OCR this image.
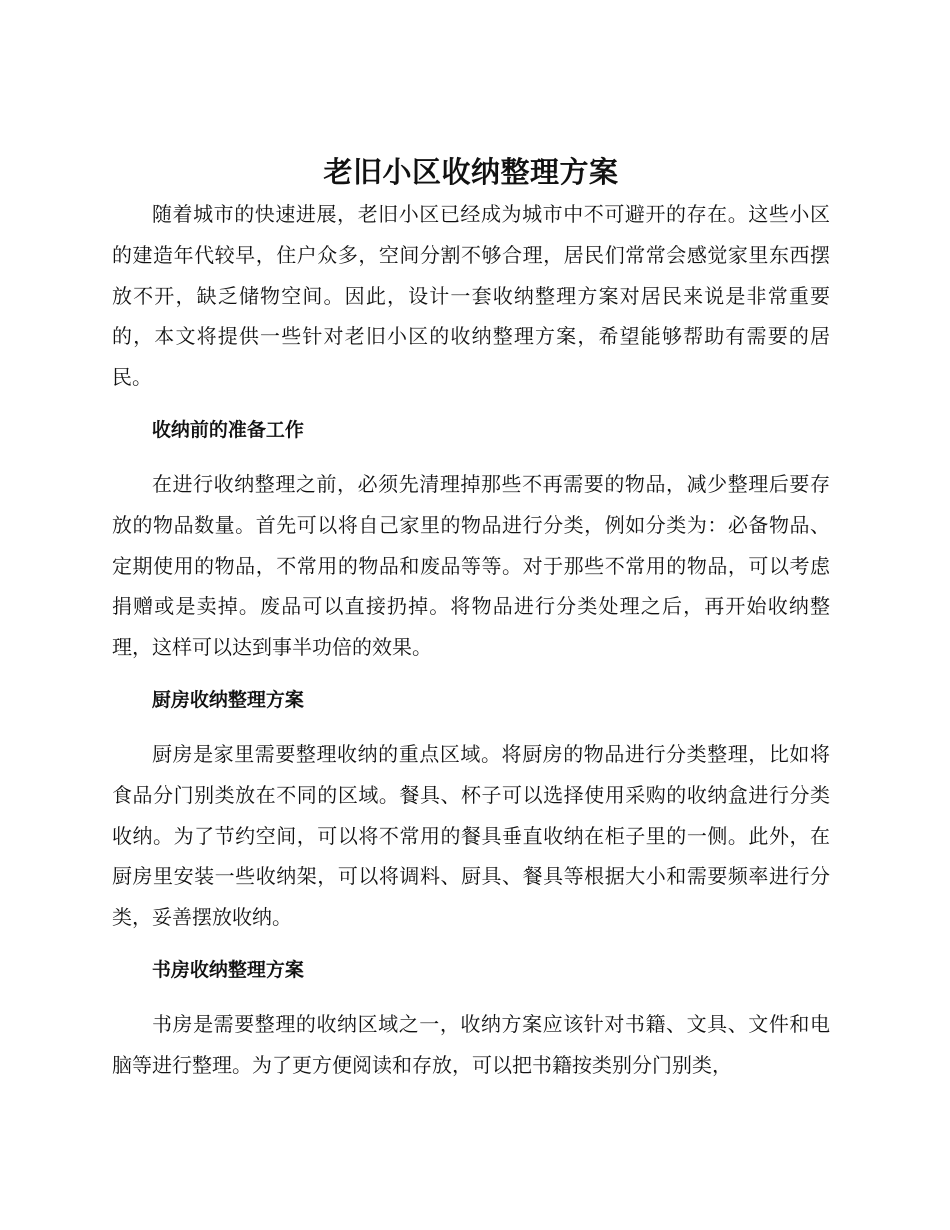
老旧小区收纳整理方案

随着城市的快速进展，老旧小区已经成为城市中不可避开的存在。这些小区的建造年代较早，住户众多，空间分割不够合理，居民们常常会感觉家里东西摆放不开，缺乏储物空间。因此，设计一套收纳整理方案对居民来说是非常重要的，本文将提供一些针对老旧小区的收纳整理方案，希望能够帮助有需要的居民。

收纳前的准备工作

在进行收纳整理之前，必须先清理掉那些不再需要的物品，减少整理后要存放的物品数量。首先可以将自己家里的物品进行分类，例如分类为：必备物品、定期使用的物品，不常用的物品和废品等等。对于那些不常用的物品，可以考虑捐赠或是卖掉。废品可以直接扔掉。将物品进行分类处理之后，再开始收纳整理，这样可以达到事半功倍的效果。

厨房收纳整理方案

厨房是家里需要整理收纳的重点区域。将厨房的物品进行分类整理，比如将食品分门别类放在不同的区域。餐具、杯子可以选择使用采购的收纳盒进行分类收纳。为了节约空间，可以将不常用的餐具垂直收纳在柜子里的一侧。此外，在厨房里安装一些收纳架，可以将调料、厨具、餐具等根据大小和需要频率进行分类，妥善摆放收纳。

书房收纳整理方案

书房是需要整理的收纳区域之一，收纳方案应该针对书籍、文具、文件和电脑等进行整理。为了更方便阅读和存放，可以把书籍按类别分门别类，
